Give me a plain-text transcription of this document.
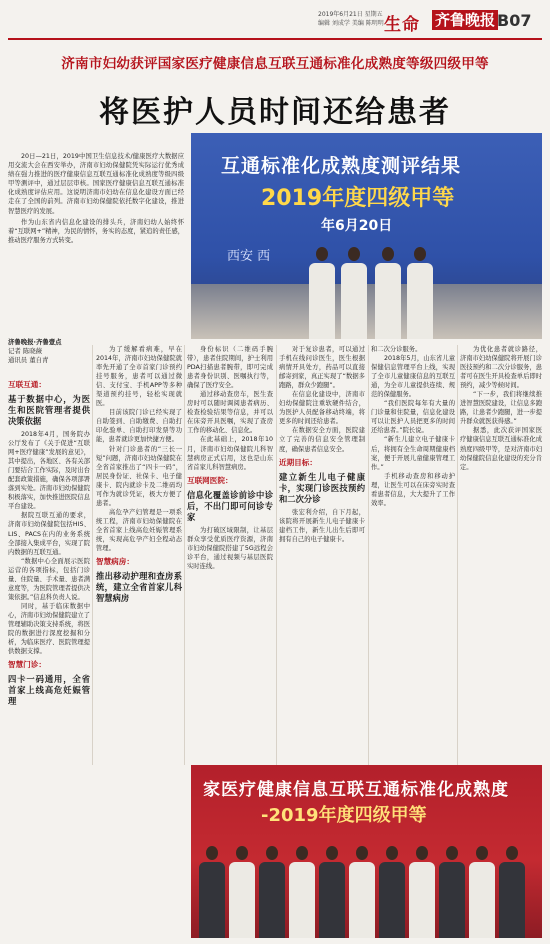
2019年6月21日 星期五
编辑 刘成学 美编 陈明明 生命 齐鲁晚报 B07
济南市妇幼获评国家医疗健康信息互联互通标准化成熟度等级四级甲等
将医护人员时间还给患者
20日—21日，2019中国卫生信息技术/健康医疗大数据应用交流大会在西安举办，济南市妇幼保健院凭实际运行优秀成绩在强力推进的医疗健康信息互联互通标准化成熟度等级四级甲等测评中，通过层层审核。国家医疗健康信息互联互通标准化成熟度评估应用。这说明济南市妇幼在信息化建设方面已经走在了全国的前列。济南市妇幼保健院依托数字化建设，推进智慧医疗的发展。
作为山东省内信息化建设的排头兵，济南妇幼人始终怀着“互联网+”精神，为民的情怀，务实的态度，紧追的责任感，推动医疗服务方式转变。
互通标准化成熟度测评结果
2019年度四级甲等
西安 西
年6月20日
济鲁晚报·齐鲁壹点
记者 陈晓薇
通讯员 董自青
互联互通：
基于数据中心，为医生和医院管理者提供决策依据

2018年4月，国务院办公厅发布了《关于促进“互联网+医疗健康”发展的意见》，其中提出，各地区、各有关部门要结合工作实际，及时出台配套政策措施，确保各项部署落到实处。济南市妇幼保健院积极落实，加快推进医院信息平台建设。

据院互联互通的要求，济南市妇幼保健院包括HIS、LIS、PACS在内的业务系统全部接入集成平台，实现了院内数据的互联互通。

“数据中心全面展示医院运营的各项指标，包括门诊量、住院量、手术量、患者满意度等，为医院管理者提供决策依据。”信息科负责人说。

同时，基于临床数据中心，济南市妇幼保健院建立了管理辅助决策支持系统，将医院的数据进行深度挖掘和分析，为临床医疗、医院管理提供数据支撑。

智慧门诊：
四卡一码通用，全省首家上线高危妊娠管理

为了缓解看病难，早在2014年，济南市妇幼保健院就率先开通了全市首家门诊预约挂号服务，患者可以通过微信、支付宝、手机APP等多种渠道预约挂号，轻松实现就医。

目前该院门诊已经实现了自助签到、自助缴费、自助打印化验单、自助打印发票等功能，患者就诊更加快捷方便。

针对门诊患者的“三长一短”问题，济南市妇幼保健院在全省首家推出了“四卡一码”，居民身份证、社保卡、电子健康卡、院内就诊卡及二维码均可作为就诊凭证，极大方便了患者。

高危孕产妇管理是一项系统工程，济南市妇幼保健院在全省首家上线高危妊娠管理系统，实现高危孕产妇全程动态管理。

智慧病房：
推出移动护理和查房系统，建立全省首家儿科智慧病房

身份标识（二维码手腕带），患者住院期间，护士利用PDA扫描患者腕带，即可完成患者身份识别、医嘱执行等，确保了医疗安全。

通过移动查房车，医生查房时可以随时调阅患者病历、检查检验结果等信息，并可以在床旁开具医嘱，实现了查房工作的移动化、信息化。

在此基础上，2018年10月，济南市妇幼保健院儿科智慧病房正式启用，这也是山东省首家儿科智慧病房。

互联网医院：
信息化覆盖诊前诊中诊后，不出门即可问诊专家

为打破区域限制，让基层群众享受优质医疗资源，济南市妇幼保健院搭建了5G远程会诊平台，通过视频与基层医院实时连线。

对于复诊患者，可以通过手机在线问诊医生，医生根据病情开具处方，药品可以直接邮寄到家，真正实现了“数据多跑路，群众少跑腿”。

在信息化建设中，济南市妇幼保健院注重软硬件结合，为医护人员配备移动终端，将更多的时间还给患者。

在数据安全方面，医院建立了完善的信息安全管理制度，确保患者信息安全。

近期目标：
建立新生儿电子健康卡，实现门诊医技预约和二次分诊

张宏利介绍，自下月起，该院将开展新生儿电子健康卡建档工作，新生儿出生后即可拥有自己的电子健康卡。

和二次分诊服务。

2018年5月，山东省儿童保健信息管理平台上线，实现了全市儿童健康信息的互联互通，为全市儿童提供连续、规范的保健服务。

“我们医院每年有大量的门诊量和住院量，信息化建设可以让医护人员把更多的时间还给患者。”院长说。

“新生儿建立电子健康卡后，将拥有全生命周期健康档案，便于开展儿童健康管理工作。”

手机移动查房和移动护理，让医生可以在床旁实时查看患者信息，大大提升了工作效率。

为优化患者就诊路径，济南市妇幼保健院将开展门诊医技预约和二次分诊服务，患者可在医生开具检查单后即时预约，减少等候时间。

“下一步，我们将继续推进智慧医院建设，让信息多跑路，让患者少跑腿，进一步提升群众就医获得感。”

据悉，此次获评国家医疗健康信息互联互通标准化成熟度四级甲等，是对济南市妇幼保健院信息化建设的充分肯定。

家医疗健康信息互联互通标准化成熟度
-2019年度四级甲等
